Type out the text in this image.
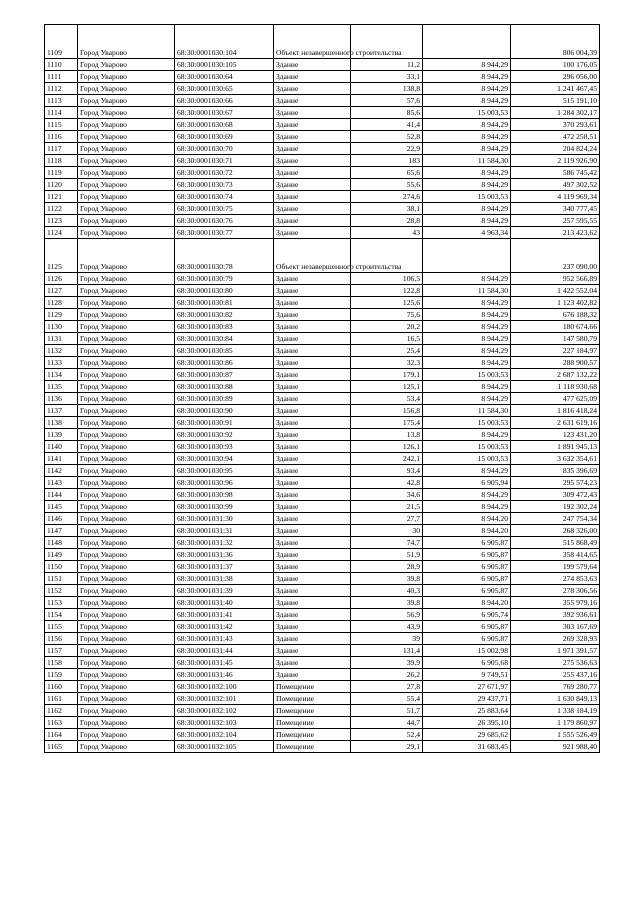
1109	Город Уварово	68:30:0001030:104	Объект незавершенного строительства			806 004,39
1110	Город Уварово	68:30:0001030:105	Здание	11,2	8 944,29	100 176,05
1111	Город Уварово	68:30:0001030:64	Здание	33,1	8 944,29	296 056,00
1112	Город Уварово	68:30:0001030:65	Здание	138,8	8 944,29	1 241 467,45
1113	Город Уварово	68:30:0001030:66	Здание	57,6	8 944,29	515 191,10
1114	Город Уварово	68:30:0001030:67	Здание	85,6	15 003,53	1 284 302,17
1115	Город Уварово	68:30:0001030:68	Здание	41,4	8 944,29	370 293,61
1116	Город Уварово	68:30:0001030:69	Здание	52,8	8 944,29	472 258,51
1117	Город Уварово	68:30:0001030:70	Здание	22,9	8 944,29	204 824,24
1118	Город Уварово	68:30:0001030:71	Здание	183	11 584,30	2 119 926,90
1119	Город Уварово	68:30:0001030:72	Здание	65,6	8 944,29	586 745,42
1120	Город Уварово	68:30:0001030:73	Здание	55,6	8 944,29	497 302,52
1121	Город Уварово	68:30:0001030:74	Здание	274,6	15 003,53	4 119 969,34
1122	Город Уварово	68:30:0001030:75	Здание	38,1	8 944,29	340 777,45
1123	Город Уварово	68:30:0001030:76	Здание	28,8	8 944,29	257 595,55
1124	Город Уварово	68:30:0001030:77	Здание	43	4 963,34	213 423,62
1125	Город Уварово	68:30:0001030:78	Объект незавершенного строительства			237 090,00
1126	Город Уварово	68:30:0001030:79	Здание	106,5	8 944,29	952 566,89
1127	Город Уварово	68:30:0001030:80	Здание	122,8	11 584,30	1 422 552,04
1128	Город Уварово	68:30:0001030:81	Здание	125,6	8 944,29	1 123 402,82
1129	Город Уварово	68:30:0001030:82	Здание	75,6	8 944,29	676 188,32
1130	Город Уварово	68:30:0001030:83	Здание	20,2	8 944,29	180 674,66
1131	Город Уварово	68:30:0001030:84	Здание	16,5	8 944,29	147 580,79
1132	Город Уварово	68:30:0001030:85	Здание	25,4	8 944,29	227 184,97
1133	Город Уварово	68:30:0001030:86	Здание	32,3	8 944,29	288 900,57
1134	Город Уварово	68:30:0001030:87	Здание	179,1	15 003,53	2 687 132,22
1135	Город Уварово	68:30:0001030:88	Здание	125,1	8 944,29	1 118 930,68
1136	Город Уварово	68:30:0001030:89	Здание	53,4	8 944,29	477 625,09
1137	Город Уварово	68:30:0001030:90	Здание	156,8	11 584,30	1 816 418,24
1138	Город Уварово	68:30:0001030:91	Здание	175,4	15 003,53	2 631 619,16
1139	Город Уварово	68:30:0001030:92	Здание	13,8	8 944,29	123 431,20
1140	Город Уварово	68:30:0001030:93	Здание	126,1	15 003,53	1 891 945,13
1141	Город Уварово	68:30:0001030:94	Здание	242,1	15 003,53	3 632 354,61
1142	Город Уварово	68:30:0001030:95	Здание	93,4	8 944,29	835 396,69
1143	Город Уварово	68:30:0001030:96	Здание	42,8	6 905,94	295 574,23
1144	Город Уварово	68:30:0001030:98	Здание	34,6	8 944,29	309 472,43
1145	Город Уварово	68:30:0001030:99	Здание	21,5	8 944,29	192 302,24
1146	Город Уварово	68:30:0001031:30	Здание	27,7	8 944,20	247 754,34
1147	Город Уварово	68:30:0001031:31	Здание	30	8 944,20	268 326,00
1148	Город Уварово	68:30:0001031:32	Здание	74,7	6 905,87	515 868,49
1149	Город Уварово	68:30:0001031:36	Здание	51,9	6 905,87	358 414,65
1150	Город Уварово	68:30:0001031:37	Здание	28,9	6 905,87	199 579,64
1151	Город Уварово	68:30:0001031:38	Здание	39,8	6 905,87	274 853,63
1152	Город Уварово	68:30:0001031:39	Здание	40,3	6 905,87	278 306,56
1153	Город Уварово	68:30:0001031:40	Здание	39,8	8 944,20	355 979,16
1154	Город Уварово	68:30:0001031:41	Здание	56,9	6 905,74	392 936,61
1155	Город Уварово	68:30:0001031:42	Здание	43,9	6 905,87	303 167,69
1156	Город Уварово	68:30:0001031:43	Здание	39	6 905,87	269 328,93
1157	Город Уварово	68:30:0001031:44	Здание	131,4	15 002,98	1 971 391,57
1158	Город Уварово	68:30:0001031:45	Здание	39,9	6 905,68	275 536,63
1159	Город Уварово	68:30:0001031:46	Здание	26,2	9 749,51	255 437,16
1160	Город Уварово	68:30:0001032:100	Помещение	27,8	27 671,97	769 280,77
1161	Город Уварово	68:30:0001032:101	Помещение	55,4	29 437,71	1 630 849,13
1162	Город Уварово	68:30:0001032:102	Помещение	51,7	25 883,64	1 338 184,19
1163	Город Уварово	68:30:0001032:103	Помещение	44,7	26 395,10	1 179 860,97
1164	Город Уварово	68:30:0001032:104	Помещение	52,4	29 685,62	1 555 526,49
1165	Город Уварово	68:30:0001032:105	Помещение	29,1	31 683,45	921 988,40
